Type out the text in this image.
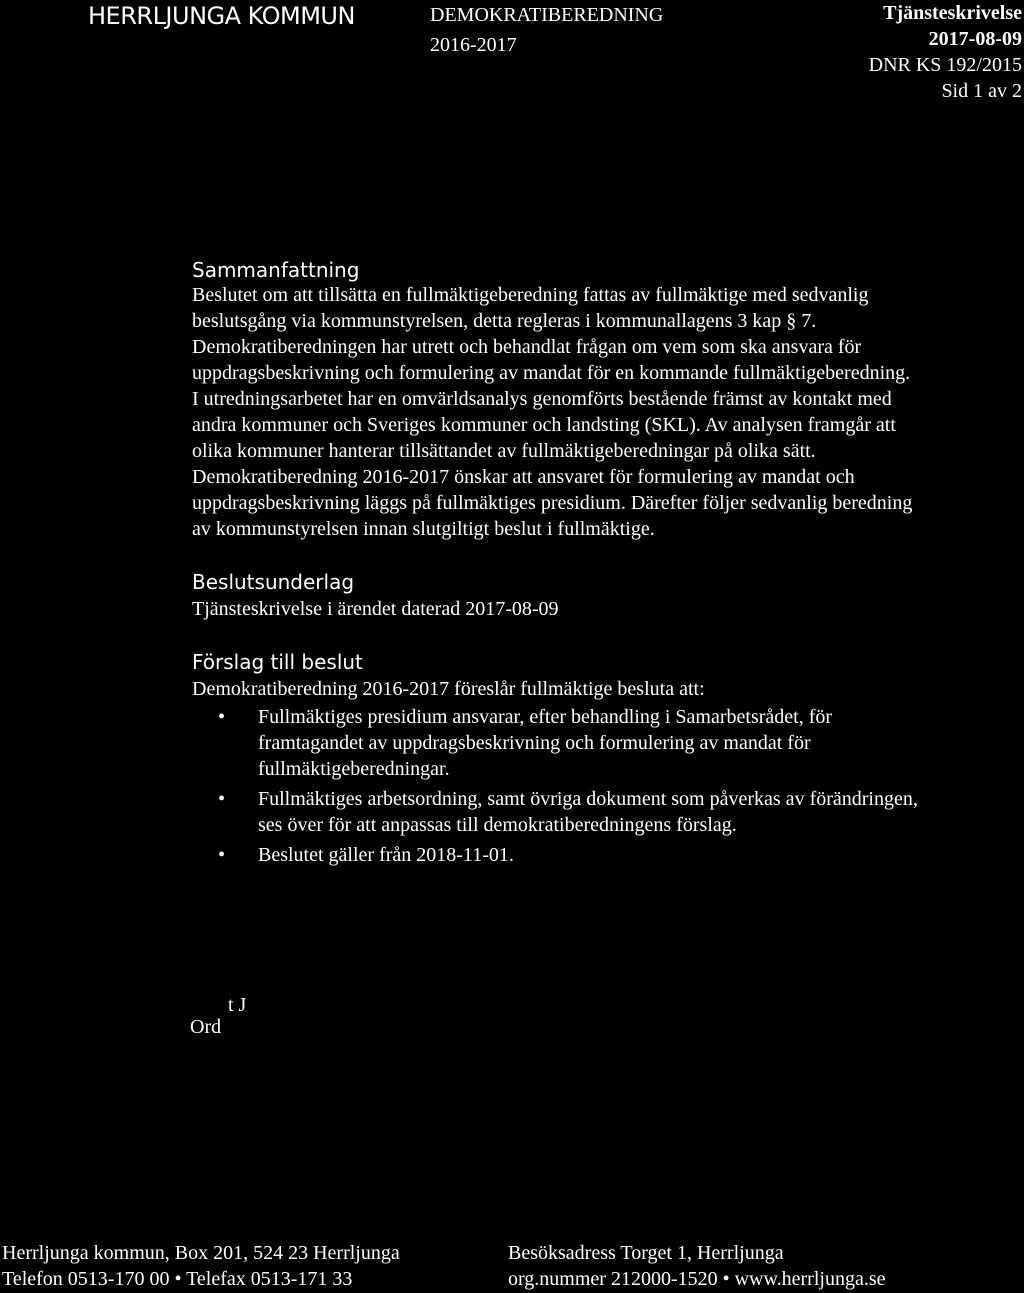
HERRLJUNGA KOMMUN	DEMOKRATIBEREDNING
2016-2017
Tjänsteskrivelse
2017-08-09
DNR KS 192/2015
Sid 1 av 2
Sammanfattning
Beslutet om att tillsätta en fullmäktigeberedning fattas av fullmäktige med sedvanlig
beslutsgång via kommunstyrelsen, detta regleras i kommunallagens 3 kap § 7.
Demokratiberedningen har utrett och behandlat frågan om vem som ska ansvara för
uppdragsbeskrivning och formulering av mandat för en kommande fullmäktigeberedning.
I utredningsarbetet har en omvärldsanalys genomförts bestående främst av kontakt med
andra kommuner och Sveriges kommuner och landsting (SKL). Av analysen framgår att
olika kommuner hanterar tillsättandet av fullmäktigeberedningar på olika sätt.
Demokratiberedning 2016-2017 önskar att ansvaret för formulering av mandat och
uppdragsbeskrivning läggs på fullmäktiges presidium. Därefter följer sedvanlig beredning
av kommunstyrelsen innan slutgiltigt beslut i fullmäktige.
Beslutsunderlag
Tjänsteskrivelse i ärendet daterad 2017-08-09
Förslag till beslut
Demokratiberedning 2016-2017 föreslår fullmäktige besluta att:
• Fullmäktiges presidium ansvarar, efter behandling i Samarbetsrådet, för
framtagandet av uppdragsbeskrivning och formulering av mandat för
fullmäktigeberedningar.
• Fullmäktiges arbetsordning, samt övriga dokument som påverkas av förändringen,
ses över för att anpassas till demokratiberedningens förslag.
• Beslutet gäller från 2018-11-01.
t J
Ord
Herrljunga kommun, Box 201, 524 23 Herrljunga
Telefon 0513-170 00 • Telefax 0513-171 33
Besöksadress Torget 1, Herrljunga
org.nummer 212000-1520 • www.herrljunga.se
